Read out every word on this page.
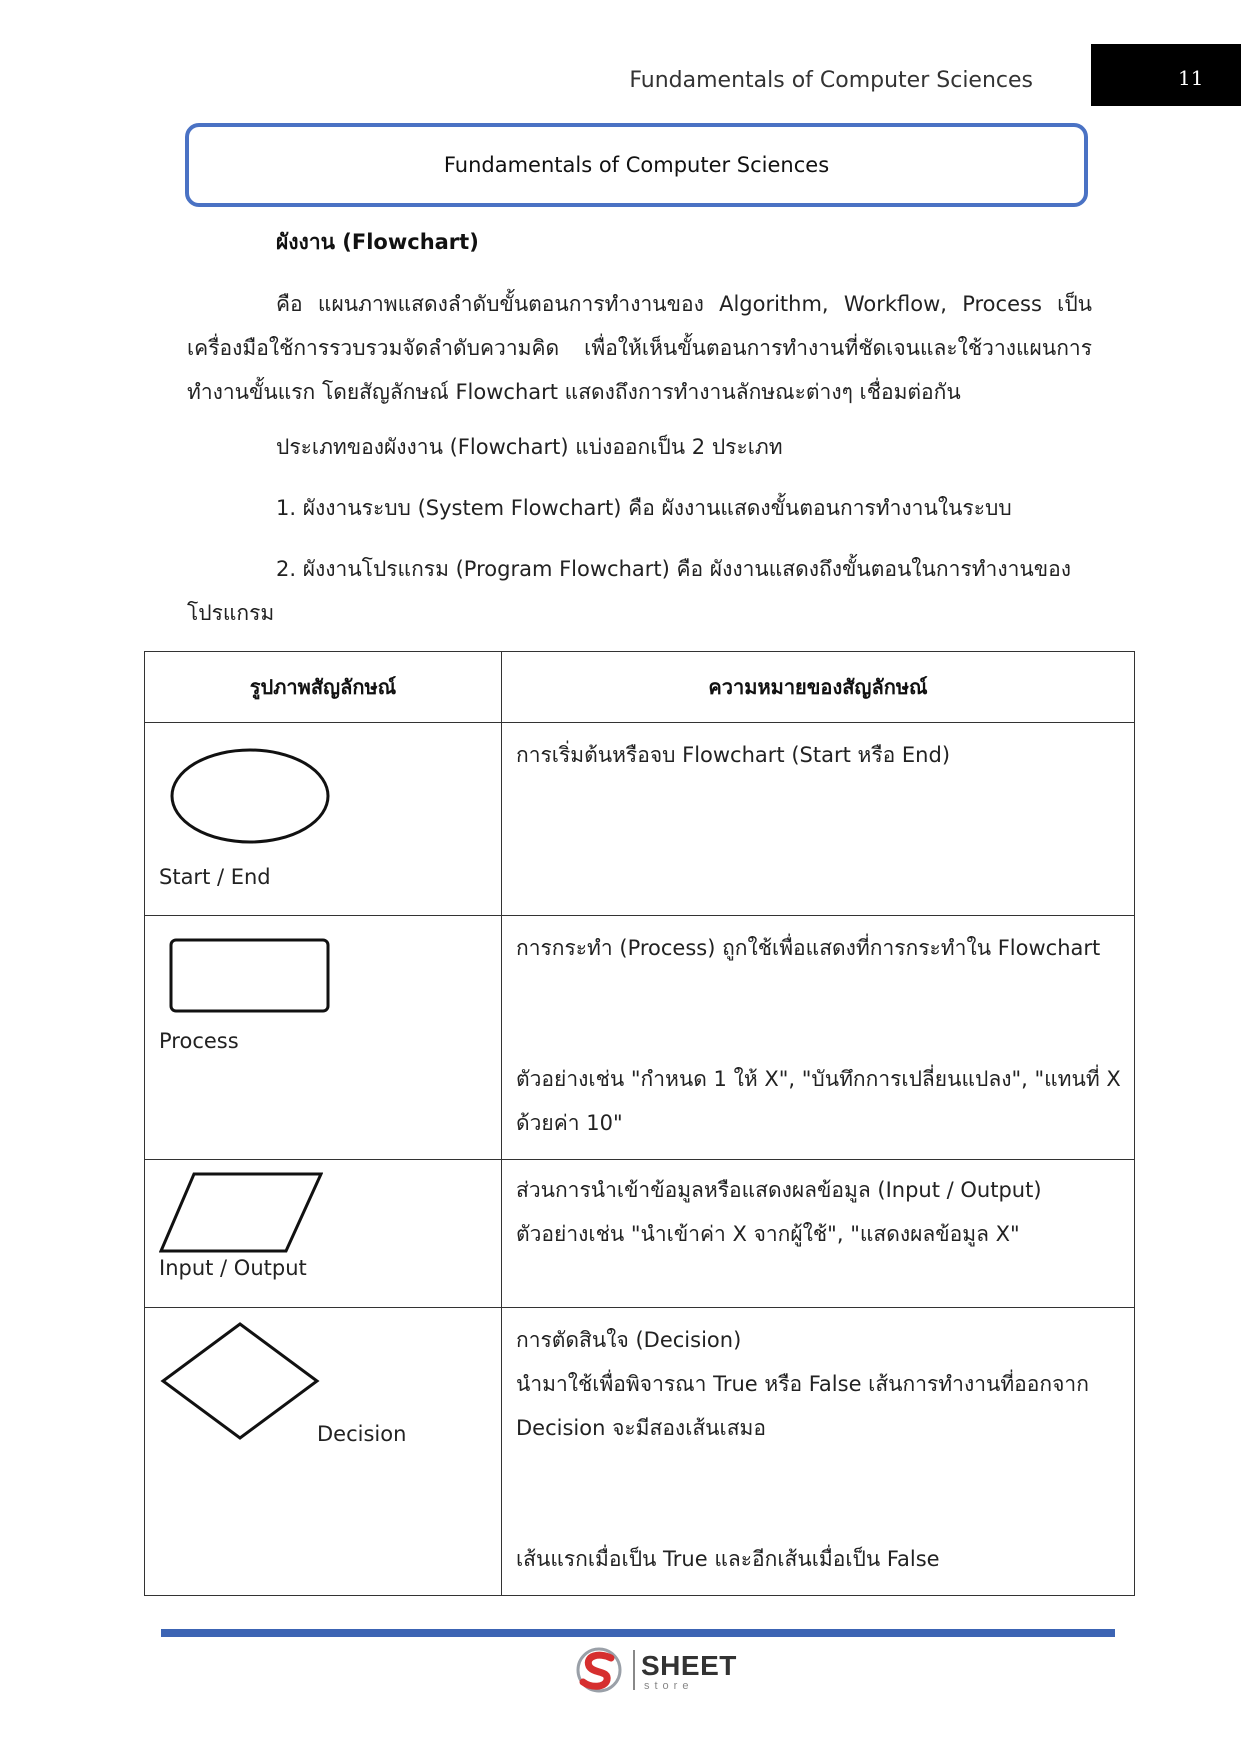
Fundamentals of Computer Sciences	11
Fundamentals of Computer Sciences
ผังงาน (Flowchart)
คือ แผนภาพแสดงลำดับขั้นตอนการทำงานของ Algorithm, Workflow, Process เป็นเครื่องมือใช้การรวบรวมจัดลำดับความคิด เพื่อให้เห็นขั้นตอนการทำงานที่ชัดเจนและใช้วางแผนการทำงานขั้นแรก โดยสัญลักษณ์ Flowchart แสดงถึงการทำงานลักษณะต่างๆ เชื่อมต่อกัน
ประเภทของผังงาน (Flowchart) แบ่งออกเป็น 2 ประเภท
1. ผังงานระบบ (System Flowchart) คือ ผังงานแสดงขั้นตอนการทำงานในระบบ
2. ผังงานโปรแกรม (Program Flowchart) คือ ผังงานแสดงถึงขั้นตอนในการทำงานของ
โปรแกรม
รูปภาพสัญลักษณ์	ความหมายของสัญลักษณ์

Start / End	การเริ่มต้นหรือจบ Flowchart (Start หรือ End)

Process	การกระทำ (Process) ถูกใช้เพื่อแสดงที่การกระทำใน Flowchart
ตัวอย่างเช่น "กำหนด 1 ให้ X", "บันทึกการเปลี่ยนแปลง", "แทนที่ X ด้วยค่า 10"

Input / Output	ส่วนการนำเข้าข้อมูลหรือแสดงผลข้อมูล (Input / Output)
ตัวอย่างเช่น "นำเข้าค่า X จากผู้ใช้", "แสดงผลข้อมูล X"

Decision	การตัดสินใจ (Decision)
นำมาใช้เพื่อพิจารณา True หรือ False เส้นการทำงานที่ออกจาก Decision จะมีสองเส้นเสมอ
เส้นแรกเมื่อเป็น True และอีกเส้นเมื่อเป็น False
SHEET
store
